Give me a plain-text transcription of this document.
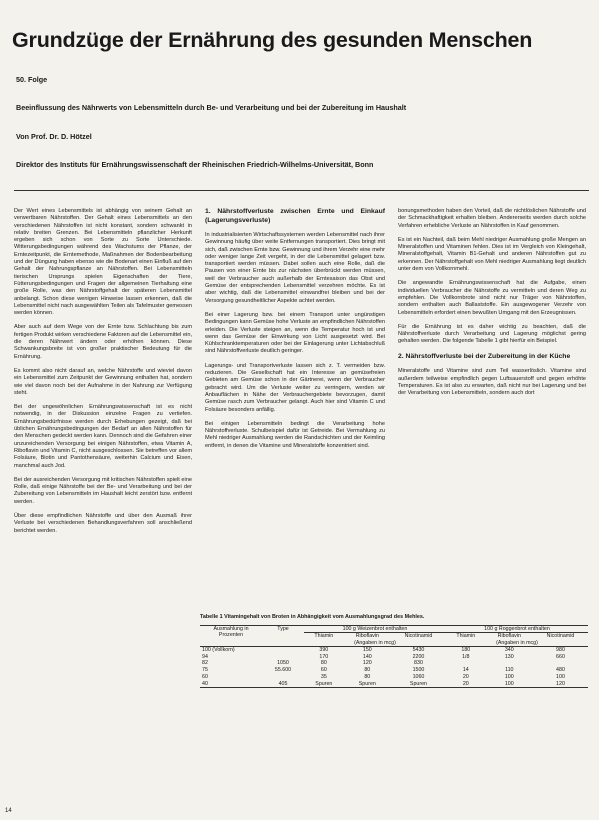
Grundzüge der Ernährung des gesunden Menschen
50. Folge
Beeinflussung des Nährwerts von Lebensmitteln durch Be- und Verarbeitung und bei der Zubereitung im Haushalt
Von Prof. Dr. D. Hötzel
Direktor des Instituts für Ernährungswissenschaft der Rheinischen Friedrich-Wilhelms-Universität, Bonn

Der Wert eines Lebensmittels ist abhängig von seinem Gehalt an verwertbaren Nährstoffen. Der Gehalt eines Lebensmittels an den verschiedenen Nährstoffen ist nicht konstant, sondern schwankt in relativ breiten Grenzen. Bei Lebensmitteln pflanzlicher Herkunft ergeben sich schon von Sorte zu Sorte Unterschiede. Witterungsbedingungen während des Wachstums der Pflanze, der Erntezeitpunkt, die Erntemethode, Maßnahmen der Bodenbearbeitung und der Düngung haben ebenso wie die Bodenart einen Einfluß auf den Gehalt der Nahrungspflanze an Nährstoffen. Bei Lebensmitteln tierischen Ursprungs spielen Eigenschaften der Tiere, Fütterungsbedingungen und Fragen der allgemeinen Tierhaltung eine große Rolle, was den Nährstoffgehalt der späteren Lebensmittel anbelangt. Schon diese wenigen Hinweise lassen erkennen, daß die Lebensmittel nicht nach ausgewählten Teilen als Tafelmuster gemessen werden können.

Aber auch auf dem Wege von der Ernte bzw. Schlachtung bis zum fertigen Produkt wirken verschiedene Faktoren auf die Lebensmittel ein, die deren Nährwert ändern oder erhöhen können. Diese Schwankungsbreite ist von großer praktischer Bedeutung für die Ernährung.

Es kommt also nicht darauf an, welche Nährstoffe und wieviel davon ein Lebensmittel zum Zeitpunkt der Gewinnung enthalten hat, sondern wie viel davon noch bei der Aufnahme in der Nahrung zur Verfügung steht.

Bei der ungewöhnlichen Ernährungswissenschaft ist es nicht notwendig, in der Diskussion einzelne Fragen zu vertiefen. Ernährungsbedürfnisse werden durch Erhebungen gezeigt, daß bei üblichen Ernährungsbedingungen der Bedarf an allen Nährstoffen für den Menschen gedeckt werden kann. Dennoch sind die Gefahren einer unzureichenden Versorgung bei einigen Nährstoffen, etwa Vitamin A, Riboflavin und Vitamin C, nicht ausgeschlossen. Sie betreffen vor allem Folsäure, Biotin und Pantothensäure, weiterhin Calcium und Eisen, manchmal auch Jod.

Bei der ausreichenden Versorgung mit kritischen Nährstoffen spielt eine Rolle, daß einige Nährstoffe bei der Be- und Verarbeitung und bei der Zubereitung von Lebensmitteln im Haushalt leicht zerstört bzw. entfernt werden.

Über diese empfindlichen Nährstoffe und über den Ausmaß ihrer Verluste bei verschiedenen Behandlungsverfahren soll anschließend berichtet werden.

1. Nährstoffverluste zwischen Ernte und Einkauf (Lagerungsverluste)

In industrialisierten Wirtschaftssystemen werden Lebensmittel nach ihrer Gewinnung häufig über weite Entfernungen transportiert. Dies bringt mit sich, daß zwischen Ernte bzw. Gewinnung und ihrem Verzehr eine mehr oder weniger lange Zeit vergeht, in der die Lebensmittel gelagert bzw. transportiert werden müssen. Dabei sollen auch eine Rolle, daß die Pausen von einer Ernte bis zur nächsten überbrückt werden müssen, weil der Verbraucher auch außerhalb der Erntesaison das Obst und Gemüse der entsprechenden Lebensmittel verzehren möchte. Es ist aber wichtig, daß die Lebensmittel einwandfrei bleiben und bei der Versorgung gesundheitlicher Aspekte achtet werden.

Bei einer Lagerung bzw. bei einem Transport unter ungünstigen Bedingungen kann Gemüse hohe Verluste an empfindlichen Nährstoffen erleiden. Die Verluste steigen an, wenn die Temperatur hoch ist und wenn das Gemüse der Einwirkung von Licht ausgesetzt wird. Bei Kühlschranktemperaturen oder bei der Einlagerung unter Lichtabschluß sind Nährstoffverluste deutlich geringer.

Lagerungs- und Transportverluste lassen sich z. T. vermeiden bzw. reduzieren. Die Gesellschaft hat ein Interesse an gemüsefreien Gebieten am Gemüse schon in der Gärtnerei, wenn der Verbraucher gebracht wird. Um die Verluste weiter zu verringern, werden wir Anbauflächen in Nähe der Verbrauchergebiete bevorzugen, damit Gemüse rasch zum Verbraucher gelangt. Auch hier sind Vitamin C und Folsäure besonders anfällig.

Bei einigen Lebensmitteln bedingt die Verarbeitung hohe Nährstoffverluste. Schulbeispiel dafür ist Getreide. Bei Vermahlung zu Mehl niedriger Ausmahlung werden die Randschichten und der Keimling entfernt, in denen die Vitamine und Mineralstoffe konzentriert sind.

bonungsmethoden haben den Vorteil, daß die nichtlöslichen Nährstoffe und der Schmackhaftigkeit erhalten bleiben. Andererseits werden durch solche Verfahren erhebliche Verluste an Nährstoffen in Kauf genommen.

Es ist ein Nachteil, daß beim Mehl niedriger Ausmahlung große Mengen an Mineralstoffen und Vitaminen fehlen. Dies ist im Vergleich von Kleingehalt, Mineralstoffgehalt, Vitamin B1-Gehalt und anderen Nährstoffen gut zu erkennen. Der Nährstoffgehalt von Mehl niedriger Ausmahlung liegt deutlich unter dem von Vollkornmehl.

Die angewandte Ernährungswissenschaft hat die Aufgabe, einen individuellen Verbraucher die Nährstoffe zu vermitteln und deren Weg zu empfehlen. Die Vollkornbrote sind nicht nur Träger von Nährstoffen, sondern enthalten auch Ballaststoffe. Ein ausgewogener Verzehr von Lebensmitteln erfordert einen bewußten Umgang mit den Erzeugnissen.

Für die Ernährung ist es daher wichtig zu beachten, daß die Nährstoffverluste durch Verarbeitung und Lagerung möglichst gering gehalten werden. Die folgende Tabelle 1 gibt hierfür ein Beispiel.

2. Nährstoffverluste bei der Zubereitung in der Küche

Mineralstoffe und Vitamine sind zum Teil wasserlöslich. Vitamine sind außerdem teilweise empfindlich gegen Luftsauerstoff und gegen erhöhte Temperaturen. Es ist also zu erwarten, daß nicht nur bei Lagerung und bei der Verarbeitung von Lebensmitteln, sondern auch dort

Tabelle 1 Vitamingehalt von Broten in Abhängigkeit vom Ausmahlungsgrad des Mehles.
Ausmahlung in Prozenten	Type	100 g Weizenbrot enthalten			100 g Roggenbrot enthalten		
		Thiamin	Riboflavin	Nicotinamid	Thiamin	Riboflavin	Nicotinamid
		(Angaben in mcg)			(Angaben in mcg)		
100 (Vollkorn)		390	150	5430	180	340	980
94		170	140	2200	1/8	130	660
82	1050	80	120	830			
75	55.600	60	80	1500	14	110	480
60		35	80	1060	20	100	100
40	405	Spuren	Spuren	Spuren	20	100	120
14
